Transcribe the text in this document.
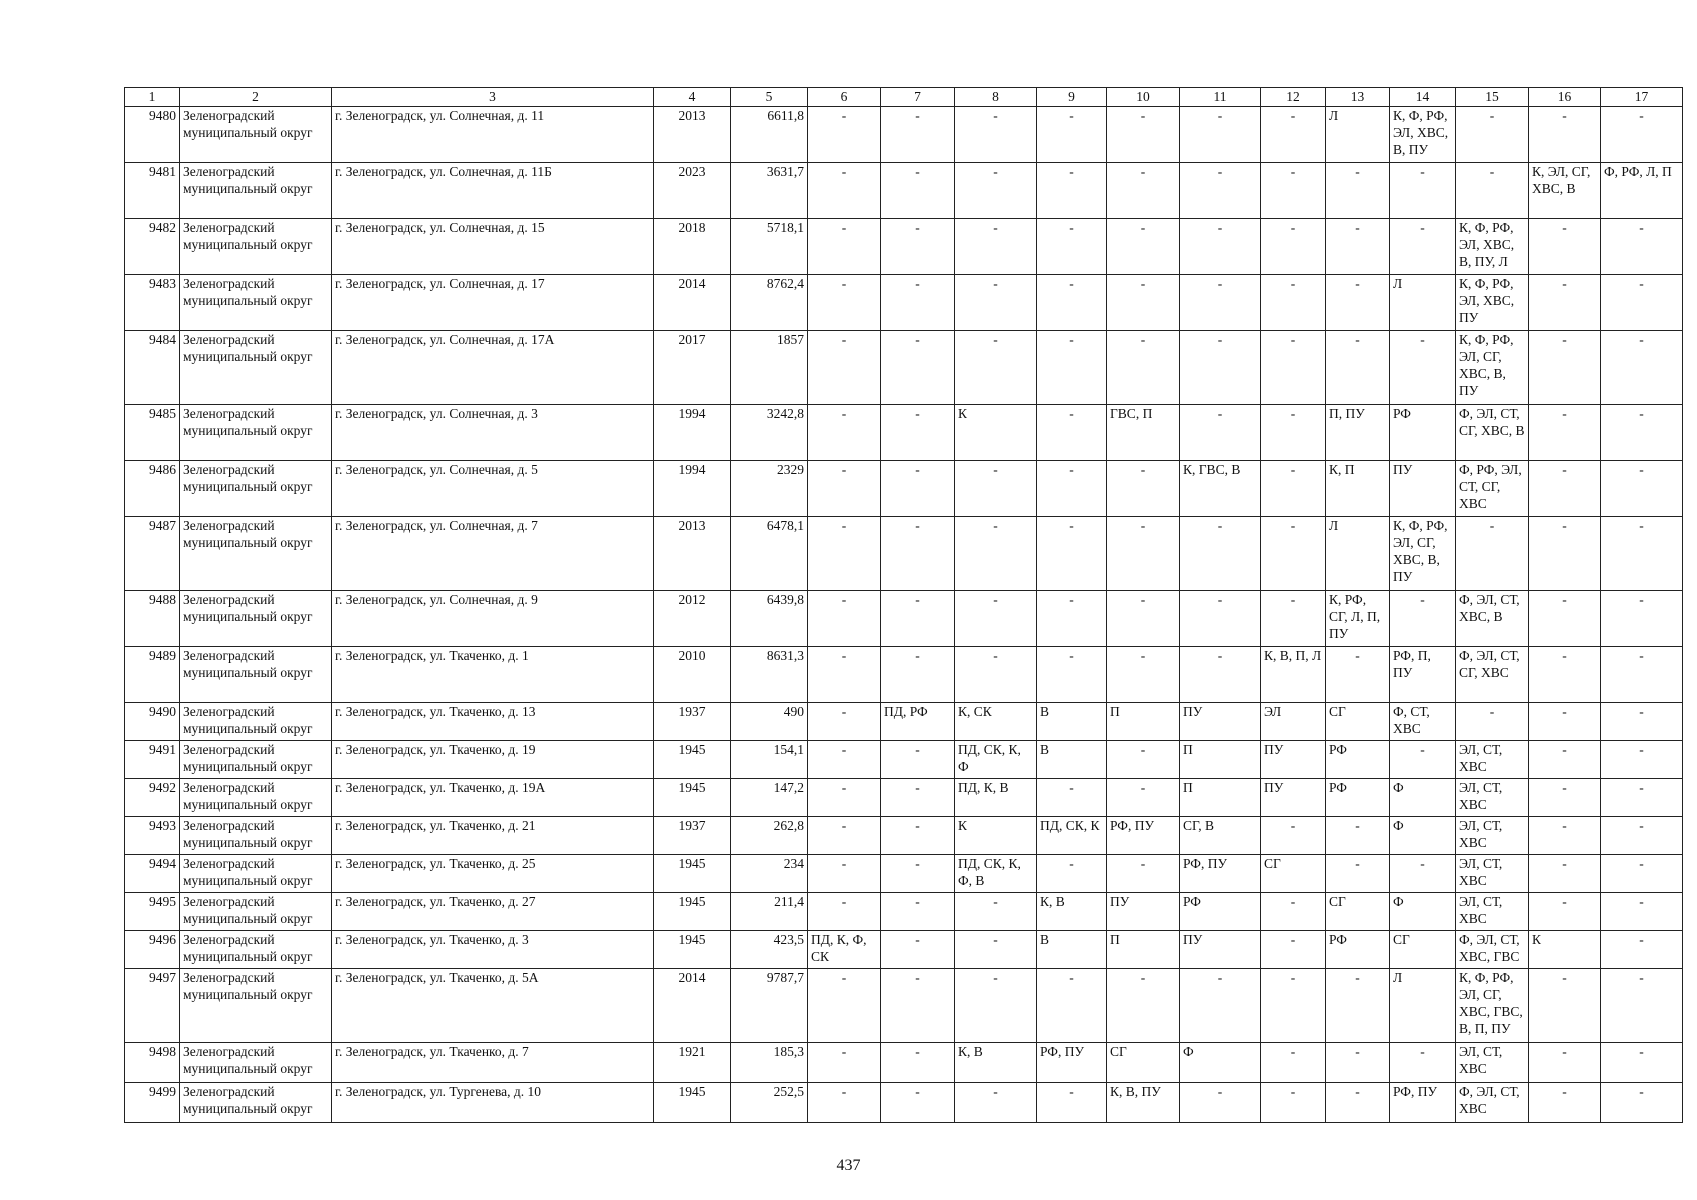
1	2	3	4	5	6	7	8	9	10	11	12	13	14	15	16	17
9480	Зеленоградский муниципальный округ	г. Зеленоградск, ул. Солнечная, д. 11	2013	6611,8	-	-	-	-	-	-	-	Л	К, Ф, РФ, ЭЛ, ХВС, В, ПУ	-	-	-
9481	Зеленоградский муниципальный округ	г. Зеленоградск, ул. Солнечная, д. 11Б	2023	3631,7	-	-	-	-	-	-	-	-	-	-	К, ЭЛ, СГ, ХВС, В	Ф, РФ, Л, П
9482	Зеленоградский муниципальный округ	г. Зеленоградск, ул. Солнечная, д. 15	2018	5718,1	-	-	-	-	-	-	-	-	-	К, Ф, РФ, ЭЛ, ХВС, В, ПУ, Л	-	-
9483	Зеленоградский муниципальный округ	г. Зеленоградск, ул. Солнечная, д. 17	2014	8762,4	-	-	-	-	-	-	-	-	Л	К, Ф, РФ, ЭЛ, ХВС, ПУ	-	-
9484	Зеленоградский муниципальный округ	г. Зеленоградск, ул. Солнечная, д. 17А	2017	1857	-	-	-	-	-	-	-	-	-	К, Ф, РФ, ЭЛ, СГ, ХВС, В, ПУ	-	-
9485	Зеленоградский муниципальный округ	г. Зеленоградск, ул. Солнечная, д. 3	1994	3242,8	-	-	К	-	ГВС, П	-	-	П, ПУ	РФ	Ф, ЭЛ, СТ, СГ, ХВС, В	-	-
9486	Зеленоградский муниципальный округ	г. Зеленоградск, ул. Солнечная, д. 5	1994	2329	-	-	-	-	-	К, ГВС, В	-	К, П	ПУ	Ф, РФ, ЭЛ, СТ, СГ, ХВС	-	-
9487	Зеленоградский муниципальный округ	г. Зеленоградск, ул. Солнечная, д. 7	2013	6478,1	-	-	-	-	-	-	-	Л	К, Ф, РФ, ЭЛ, СГ, ХВС, В, ПУ	-	-	-
9488	Зеленоградский муниципальный округ	г. Зеленоградск, ул. Солнечная, д. 9	2012	6439,8	-	-	-	-	-	-	-	К, РФ, СГ, Л, П, ПУ	-	Ф, ЭЛ, СТ, ХВС, В	-	-
9489	Зеленоградский муниципальный округ	г. Зеленоградск, ул. Ткаченко, д. 1	2010	8631,3	-	-	-	-	-	-	К, В, П, Л	-	РФ, П, ПУ	Ф, ЭЛ, СТ, СГ, ХВС	-	-
9490	Зеленоградский муниципальный округ	г. Зеленоградск, ул. Ткаченко, д. 13	1937	490	-	ПД, РФ	К, СК	В	П	ПУ	ЭЛ	СГ	Ф, СТ, ХВС	-	-	-
9491	Зеленоградский муниципальный округ	г. Зеленоградск, ул. Ткаченко, д. 19	1945	154,1	-	-	ПД, СК, К, Ф	В	-	П	ПУ	РФ	-	ЭЛ, СТ, ХВС	-	-
9492	Зеленоградский муниципальный округ	г. Зеленоградск, ул. Ткаченко, д. 19А	1945	147,2	-	-	ПД, К, В	-	-	П	ПУ	РФ	Ф	ЭЛ, СТ, ХВС	-	-
9493	Зеленоградский муниципальный округ	г. Зеленоградск, ул. Ткаченко, д. 21	1937	262,8	-	-	К	ПД, СК, К	РФ, ПУ	СГ, В	-	-	Ф	ЭЛ, СТ, ХВС	-	-
9494	Зеленоградский муниципальный округ	г. Зеленоградск, ул. Ткаченко, д. 25	1945	234	-	-	ПД, СК, К, Ф, В	-	-	РФ, ПУ	СГ	-	-	ЭЛ, СТ, ХВС	-	-
9495	Зеленоградский муниципальный округ	г. Зеленоградск, ул. Ткаченко, д. 27	1945	211,4	-	-	-	К, В	ПУ	РФ	-	СГ	Ф	ЭЛ, СТ, ХВС	-	-
9496	Зеленоградский муниципальный округ	г. Зеленоградск, ул. Ткаченко, д. 3	1945	423,5	ПД, К, Ф, СК	-	-	В	П	ПУ	-	РФ	СГ	Ф, ЭЛ, СТ, ХВС, ГВС	К	-
9497	Зеленоградский муниципальный округ	г. Зеленоградск, ул. Ткаченко, д. 5А	2014	9787,7	-	-	-	-	-	-	-	-	Л	К, Ф, РФ, ЭЛ, СГ, ХВС, ГВС, В, П, ПУ	-	-
9498	Зеленоградский муниципальный округ	г. Зеленоградск, ул. Ткаченко, д. 7	1921	185,3	-	-	К, В	РФ, ПУ	СГ	Ф	-	-	-	ЭЛ, СТ, ХВС	-	-
9499	Зеленоградский муниципальный округ	г. Зеленоградск, ул. Тургенева, д. 10	1945	252,5	-	-	-	-	К, В, ПУ	-	-	-	РФ, ПУ	Ф, ЭЛ, СТ, ХВС	-	-
437
